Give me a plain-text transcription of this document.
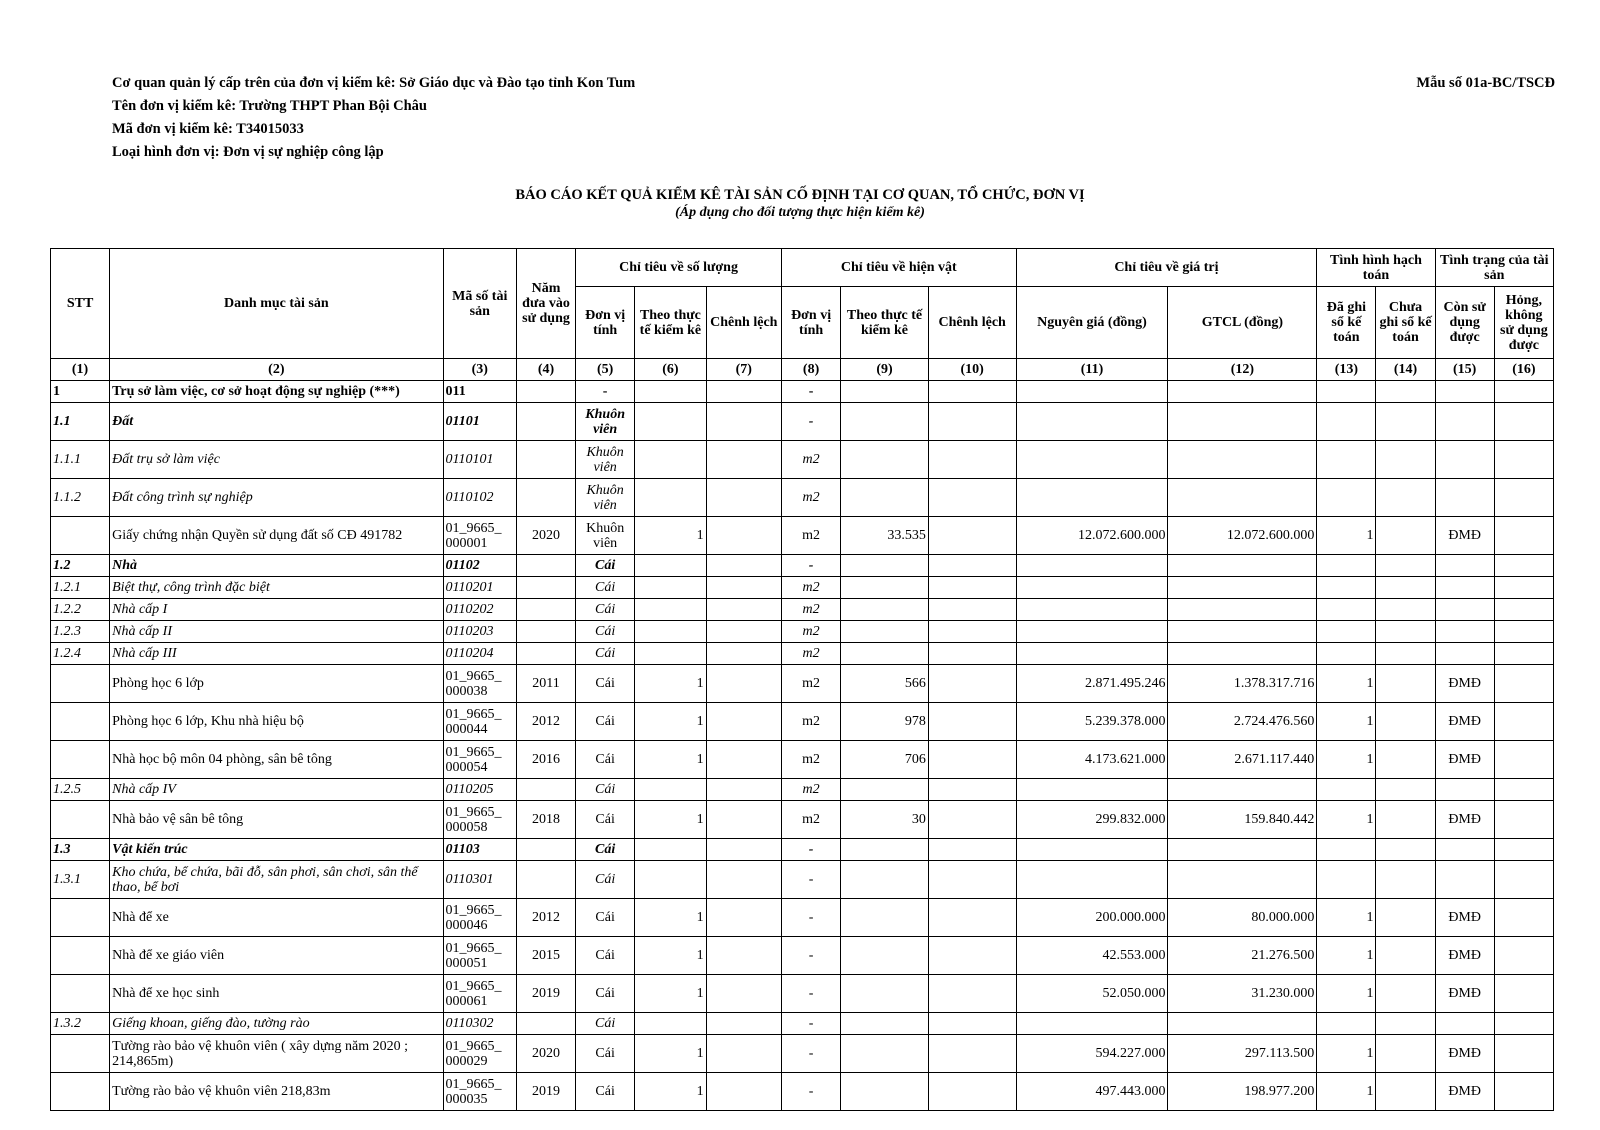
Cơ quan quản lý cấp trên của đơn vị kiểm kê: Sở Giáo dục và Đào tạo tỉnh Kon Tum
Tên đơn vị kiểm kê: Trường THPT Phan Bội Châu
Mã đơn vị kiểm kê: T34015033
Loại hình đơn vị: Đơn vị sự nghiệp công lập
Mẫu số 01a-BC/TSCĐ
BÁO CÁO KẾT QUẢ KIỂM KÊ TÀI SẢN CỐ ĐỊNH TẠI CƠ QUAN, TỔ CHỨC, ĐƠN VỊ
(Áp dụng cho đối tượng thực hiện kiểm kê)
STT	Danh mục tài sản	Mã số tài sản	Năm đưa vào sử dụng	Chỉ tiêu về số lượng			Chỉ tiêu về hiện vật			Chỉ tiêu về giá trị		Tình hình hạch toán		Tình trạng của tài sản	
				Đơn vị tính	Theo thực tế kiểm kê	Chênh lệch	Đơn vị tính	Theo thực tế kiểm kê	Chênh lệch	Nguyên giá (đồng)	GTCL (đồng)	Đã ghi sổ kế toán	Chưa ghi sổ kế toán	Còn sử dụng được	Hỏng, không sử dụng được
(1)	(2)	(3)	(4)	(5)	(6)	(7)	(8)	(9)	(10)	(11)	(12)	(13)	(14)	(15)	(16)
1	Trụ sở làm việc, cơ sở hoạt động sự nghiệp (***)	011		-			-								
1.1	Đất	01101		Khuôn viên			-								
1.1.1	Đất trụ sở làm việc	0110101		Khuôn viên			m2								
1.1.2	Đất công trình sự nghiệp	0110102		Khuôn viên			m2								
	Giấy chứng nhận Quyền sử dụng đất số CĐ 491782	01_9665_ 000001	2020	Khuôn viên	1		m2	33.535		12.072.600.000	12.072.600.000	1		ĐMĐ	
1.2	Nhà	01102		Cái			-								
1.2.1	Biệt thự, công trình đặc biệt	0110201		Cái			m2								
1.2.2	Nhà cấp I	0110202		Cái			m2								
1.2.3	Nhà cấp II	0110203		Cái			m2								
1.2.4	Nhà cấp III	0110204		Cái			m2								
	Phòng học 6 lớp	01_9665_ 000038	2011	Cái	1		m2	566		2.871.495.246	1.378.317.716	1		ĐMĐ	
	Phòng học 6 lớp, Khu nhà hiệu bộ	01_9665_ 000044	2012	Cái	1		m2	978		5.239.378.000	2.724.476.560	1		ĐMĐ	
	Nhà học bộ môn 04 phòng, sân bê tông	01_9665_ 000054	2016	Cái	1		m2	706		4.173.621.000	2.671.117.440	1		ĐMĐ	
1.2.5	Nhà cấp IV	0110205		Cái			m2								
	Nhà bảo vệ sân bê tông	01_9665_ 000058	2018	Cái	1		m2	30		299.832.000	159.840.442	1		ĐMĐ	
1.3	Vật kiến trúc	01103		Cái			-								
1.3.1	Kho chứa, bể chứa, bãi đỗ, sân phơi, sân chơi, sân thể thao, bể bơi	0110301		Cái			-								
	Nhà để xe	01_9665_ 000046	2012	Cái	1		-			200.000.000	80.000.000	1		ĐMĐ	
	Nhà để xe giáo viên	01_9665_ 000051	2015	Cái	1		-			42.553.000	21.276.500	1		ĐMĐ	
	Nhà để xe học sinh	01_9665_ 000061	2019	Cái	1		-			52.050.000	31.230.000	1		ĐMĐ	
1.3.2	Giếng khoan, giếng đào, tường rào	0110302		Cái			-								
	Tường rào bảo vệ khuôn viên ( xây dựng năm 2020 ; 214,865m)	01_9665_ 000029	2020	Cái	1		-			594.227.000	297.113.500	1		ĐMĐ	
	Tường rào bảo vệ khuôn viên 218,83m	01_9665_ 000035	2019	Cái	1		-			497.443.000	198.977.200	1		ĐMĐ	
